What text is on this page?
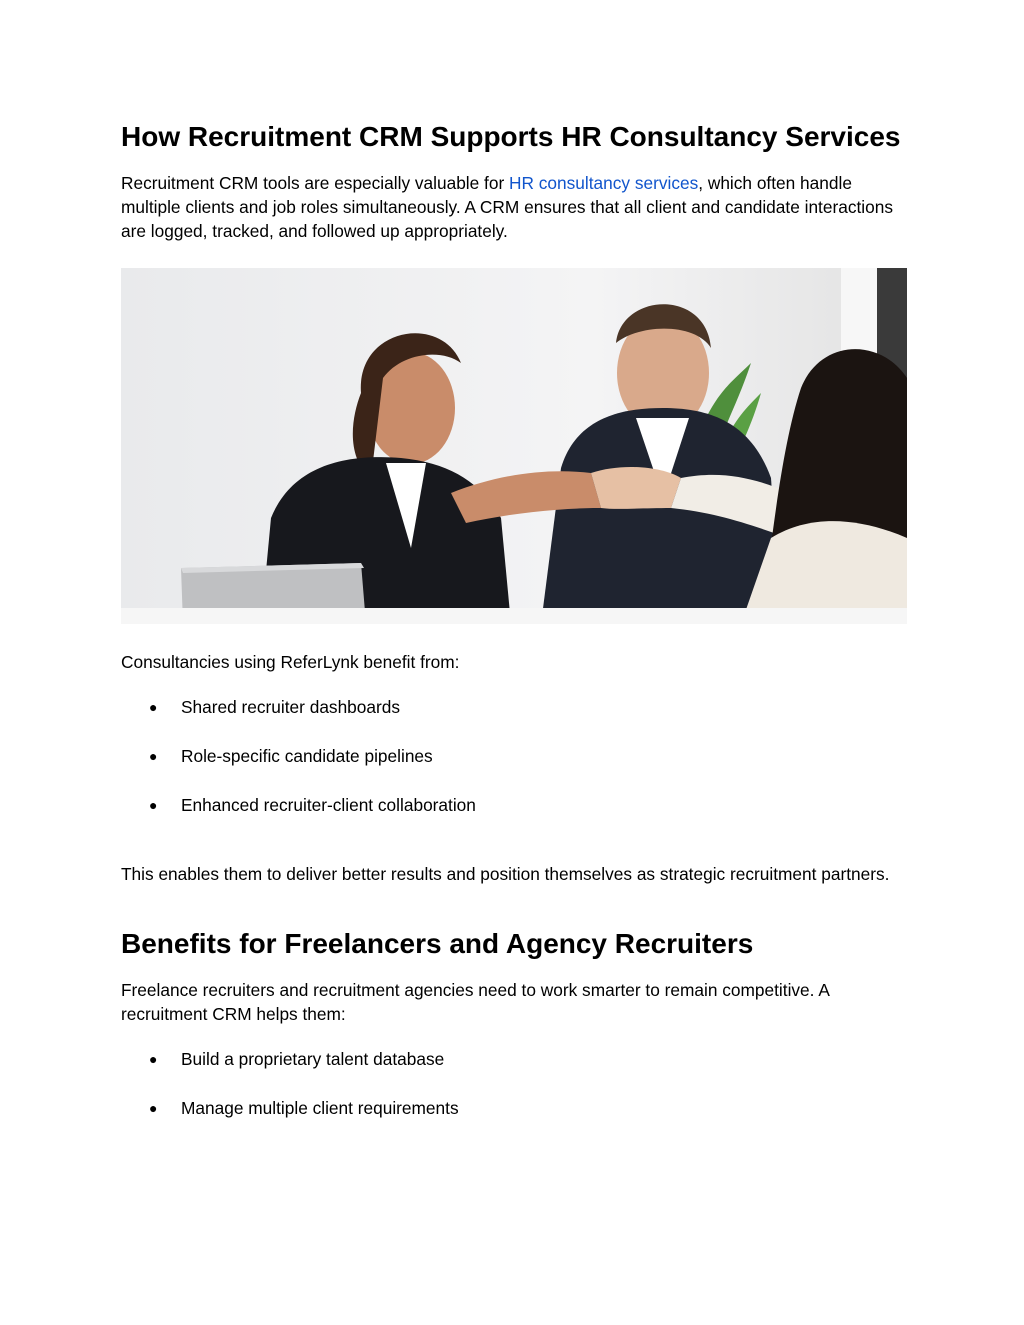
How Recruitment CRM Supports HR Consultancy Services

Recruitment CRM tools are especially valuable for HR consultancy services, which often handle multiple clients and job roles simultaneously. A CRM ensures that all client and candidate interactions are logged, tracked, and followed up appropriately.

Consultancies using ReferLynk benefit from:

● Shared recruiter dashboards
● Role-specific candidate pipelines
● Enhanced recruiter-client collaboration

This enables them to deliver better results and position themselves as strategic recruitment partners.

Benefits for Freelancers and Agency Recruiters

Freelance recruiters and recruitment agencies need to work smarter to remain competitive. A recruitment CRM helps them:

● Build a proprietary talent database
● Manage multiple client requirements
